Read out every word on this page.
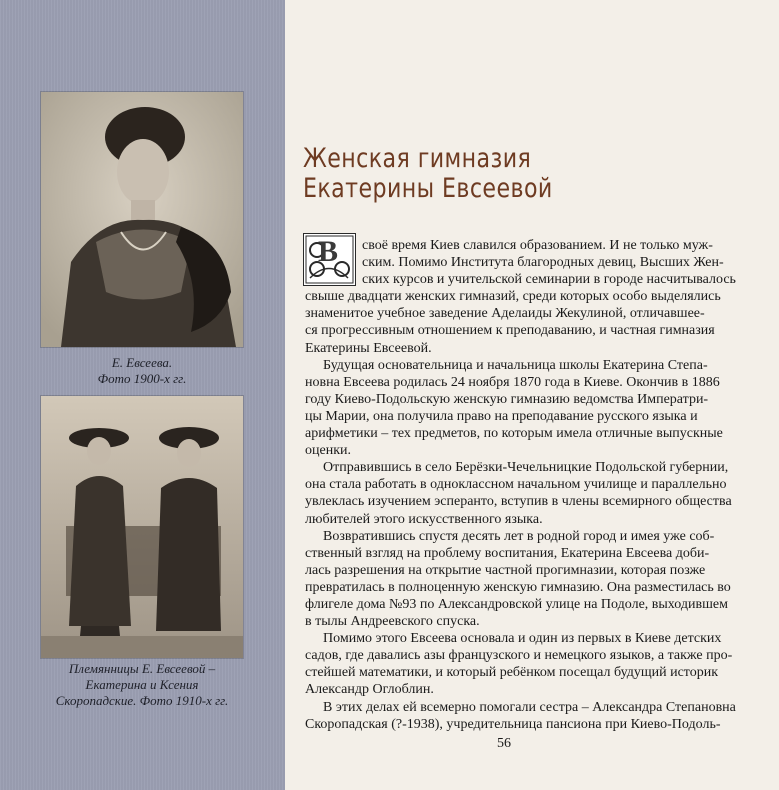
Е. Евсеева.
Фото 1900-х гг.
Племянницы Е. Евсеевой –
Екатерина и Ксения
Скоропадские. Фото 1910-х гг.
Женская гимназия
Екатерины Евсеевой
В	своё время Киев славился образованием. И не только муж-
ским. Помимо Института благородных девиц, Высших Жен-
ских курсов и учительской семинарии в городе насчитывалось
свыше двадцати женских гимназий, среди которых особо выделялись
знаменитое учебное заведение Аделаиды Жекулиной, отличавшее-
ся прогрессивным отношением к преподаванию, и частная гимназия
Екатерины Евсеевой.

Будущая основательница и начальница школы Екатерина Степа-
новна Евсеева родилась 24 ноября 1870 года в Киеве. Окончив в 1886
году Киево-Подольскую женскую гимназию ведомства Императри-
цы Марии, она получила право на преподавание русского языка и
арифметики – тех предметов, по которым имела отличные выпускные
оценки.

Отправившись в село Берёзки-Чечельницкие Подольской губернии,
она стала работать в одноклассном начальном училище и параллельно
увлеклась изучением эсперанто, вступив в члены всемирного общества
любителей этого искусственного языка.

Возвратившись спустя десять лет в родной город и имея уже соб-
ственный взгляд на проблему воспитания, Екатерина Евсеева доби-
лась разрешения на открытие частной прогимназии, которая позже
превратилась в полноценную женскую гимназию. Она разместилась во
флигеле дома №93 по Александровской улице на Подоле, выходившем
в тылы Андреевского спуска.

Помимо этого Евсеева основала и один из первых в Киеве детских
садов, где давались азы французского и немецкого языков, а также про-
стейшей математики, и который ребёнком посещал будущий историк
Александр Оглоблин.

В этих делах ей всемерно помогали сестра – Александра Степановна
Скоропадская (?-1938), учредительница пансиона при Киево-Подоль-

56
